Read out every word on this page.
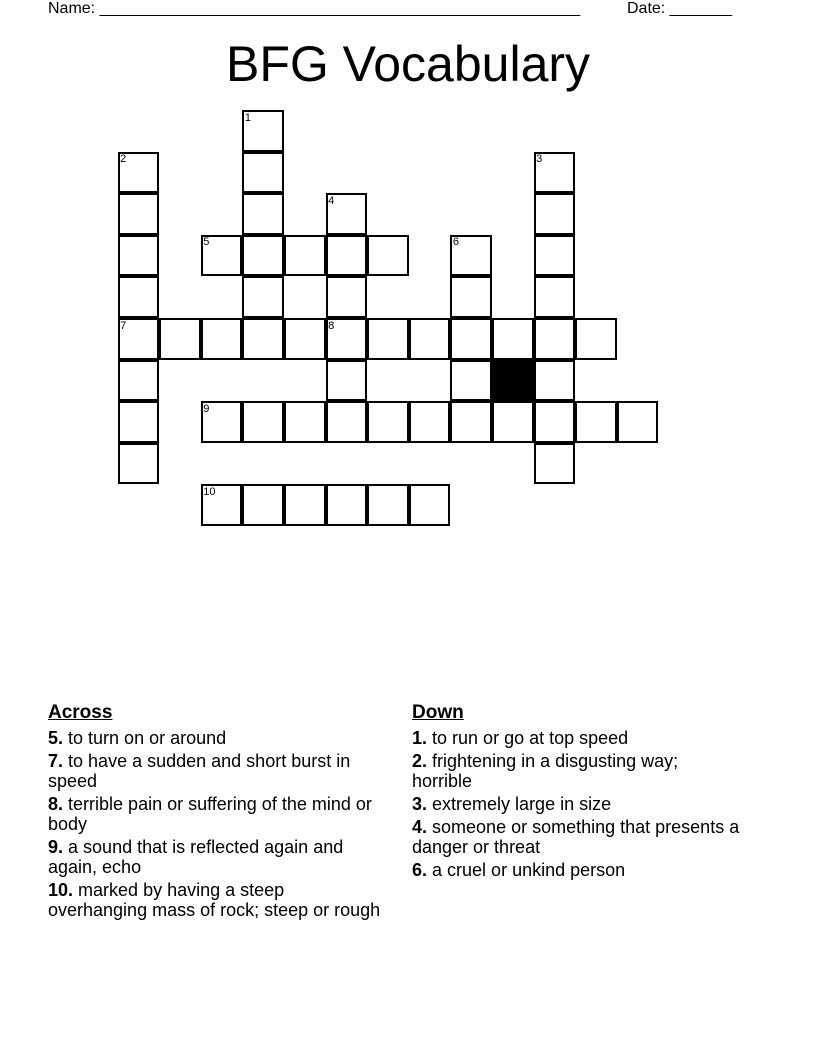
Name: ______________________________________________________	Date: _______
BFG Vocabulary
1
2	3
4
5	6
7	8
9
10
Across
5. to turn on or around
7. to have a sudden and short burst in speed
8. terrible pain or suffering of the mind or body
9. a sound that is reflected again and again, echo
10. marked by having a steep overhanging mass of rock; steep or rough
Down
1. to run or go at top speed
2. frightening in a disgusting way; horrible
3. extremely large in size
4. someone or something that presents a danger or threat
6. a cruel or unkind person
